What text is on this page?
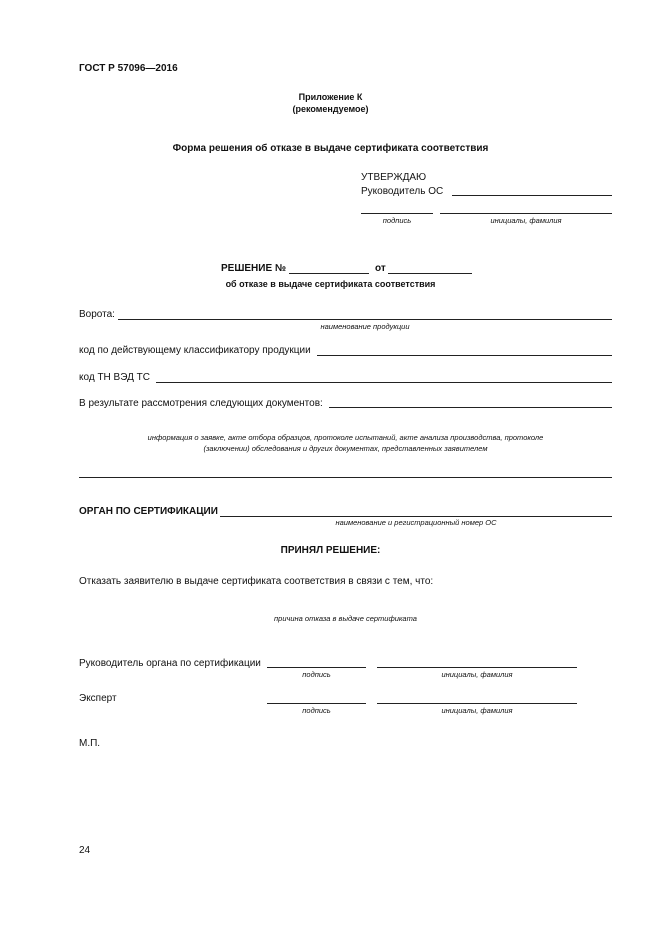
ГОСТ Р 57096—2016
Приложение К
(рекомендуемое)
Форма решения об отказе в выдаче сертификата соответствия
УТВЕРЖДАЮ
Руководитель ОС
подпись	инициалы, фамилия
РЕШЕНИЕ №	от
об отказе в выдаче сертификата соответствия
Ворота:
наименование продукции
код по действующему классификатору продукции
код ТН ВЭД ТС
В результате рассмотрения следующих документов:
информация о заявке, акте отбора образцов, протоколе испытаний, акте анализа производства, протоколе
(заключении) обследования и других документах, представленных заявителем
ОРГАН ПО СЕРТИФИКАЦИИ
наименование и регистрационный номер ОС
ПРИНЯЛ РЕШЕНИЕ:
Отказать заявителю в выдаче сертификата соответствия в связи с тем, что:
причина отказа в выдаче сертификата
Руководитель органа по сертификации
подпись	инициалы, фамилия
Эксперт
подпись	инициалы, фамилия
М.П.
24
